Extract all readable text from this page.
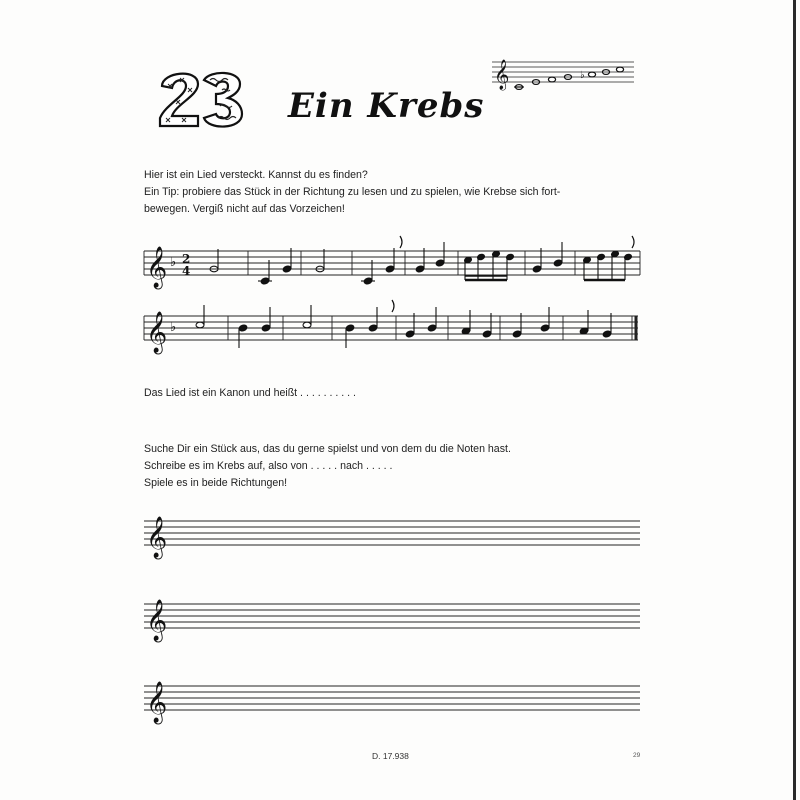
Ein Krebs
𝄞	♭

Hier ist ein Lied versteckt. Kannst du es finden?

Ein Tip: probiere das Stück in der Richtung zu lesen und zu spielen, wie Krebse sich fort-

bewegen. Vergiß nicht auf das Vorzeichen!

𝄞 ♭ 2
4
𝄞 ♭
𝄞
𝄞
𝄞

Das Lied ist ein Kanon und heißt . . . . . . . . . .

Suche Dir ein Stück aus, das du gerne spielst und von dem du die Noten hast.

Schreibe es im Krebs auf, also von . . . . . nach . . . . .

Spiele es in beide Richtungen!

D. 17.938	29
